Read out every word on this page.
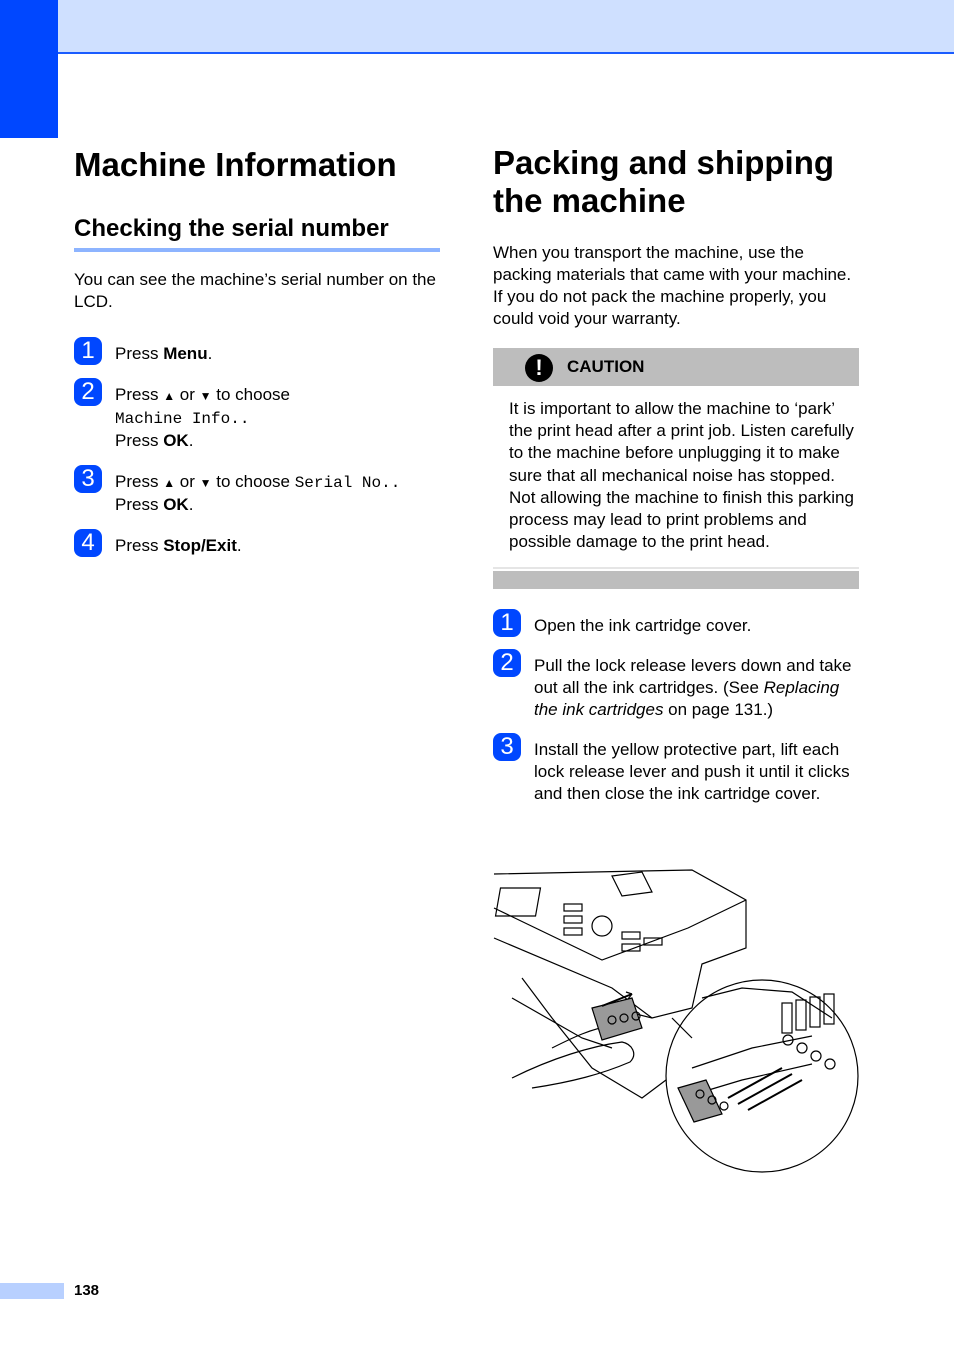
Machine Information
Checking the serial number

You can see the machine’s serial number on the LCD.

1	Press Menu.
2	Press ▲ or ▼ to choose
Machine Info..
Press OK.
3	Press ▲ or ▼ to choose Serial No..
Press OK.
4	Press Stop/Exit.
Packing and shipping
the machine

When you transport the machine, use the packing materials that came with your machine. If you do not pack the machine properly, you could void your warranty.

!	CAUTION
It is important to allow the machine to ‘park’ the print head after a print job. Listen carefully to the machine before unplugging it to make sure that all mechanical noise has stopped. Not allowing the machine to finish this parking process may lead to print problems and possible damage to the print head.
1	Open the ink cartridge cover.
2	Pull the lock release levers down and take out all the ink cartridges. (See Replacing the ink cartridges on page 131.)
3	Install the yellow protective part, lift each lock release lever and push it until it clicks and then close the ink cartridge cover.
138
